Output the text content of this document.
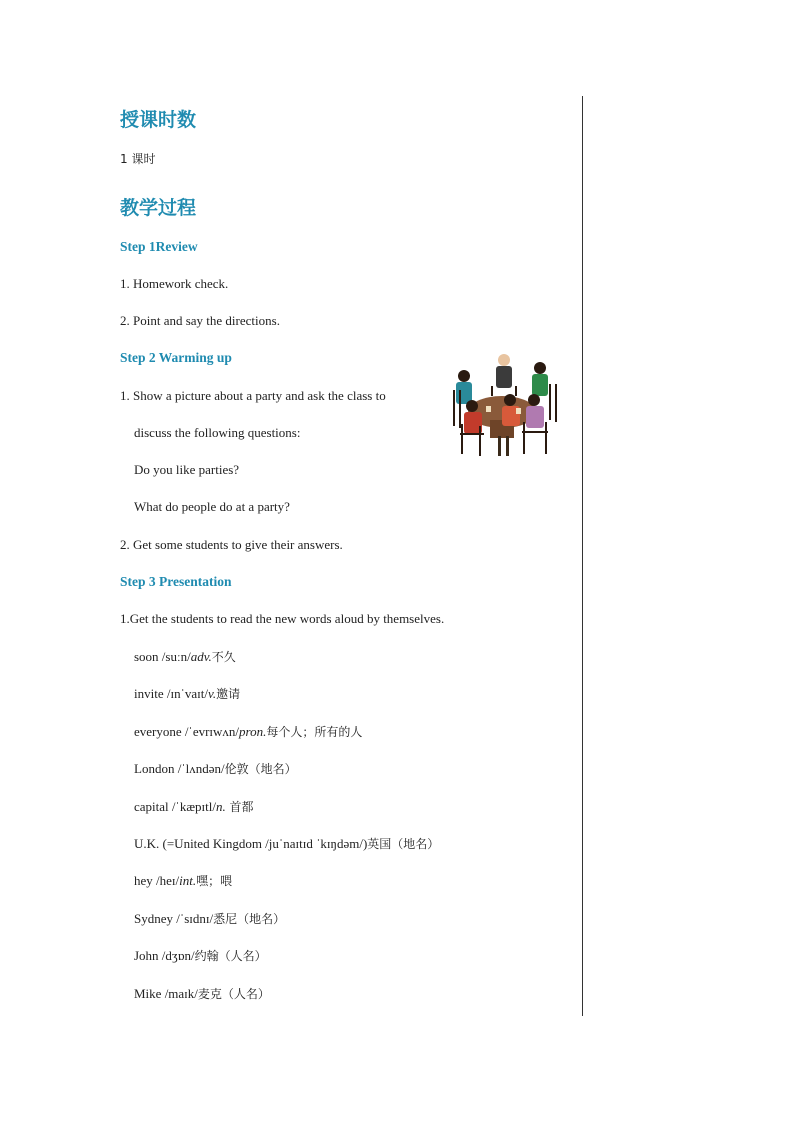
授课时数
1 课时
教学过程
Step 1Review
1. Homework check.
2. Point and say the directions.
Step 2 Warming up
1. Show a picture about a party and ask the class to
discuss the following questions:
Do you like parties?
What do people do at a party?
2. Get some students to give their answers.
Step 3 Presentation
1.Get the students to read the new words aloud by themselves.
soon /suːn/adv.不久
invite /ɪnˈvaɪt/v.邀请
everyone /ˈevrɪwʌn/pron.每个人；所有的人
London /ˈlʌndən/伦敦（地名）
capital /ˈkæpɪtl/n. 首都
U.K. (=United Kingdom /juˈnaɪtɪd ˈkɪŋdəm/)英国（地名）
hey /heɪ/int.嘿；喂
Sydney /ˈsɪdnɪ/悉尼（地名）
John /dʒɒn/约翰（人名）
Mike /maɪk/麦克（人名）
